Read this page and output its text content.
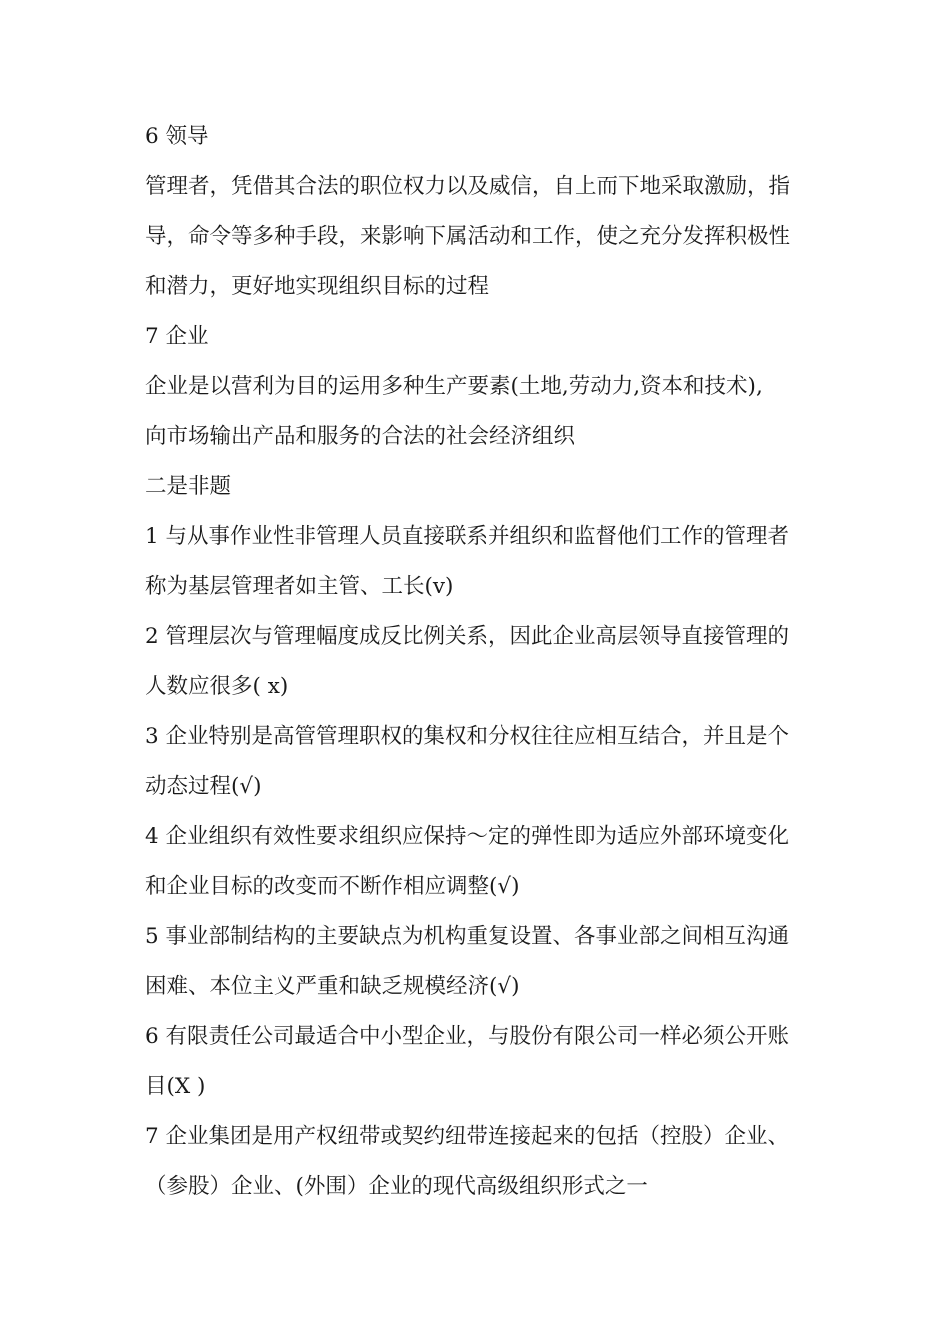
6 领导
管理者，凭借其合法的职位权力以及威信，自上而下地采取激励，指
导，命令等多种手段，来影响下属活动和工作，使之充分发挥积极性
和潜力，更好地实现组织目标的过程
7 企业
企业是以营利为目的运用多种生产要素(土地,劳动力,资本和技术),
向市场输出产品和服务的合法的社会经济组织
二是非题
1 与从事作业性非管理人员直接联系并组织和监督他们工作的管理者
称为基层管理者如主管、工长(v)
2 管理层次与管理幅度成反比例关系，因此企业高层领导直接管理的
人数应很多( x)
3 企业特别是高管管理职权的集权和分权往往应相互结合，并且是个
动态过程(√)
4 企业组织有效性要求组织应保持～定的弹性即为适应外部环境变化
和企业目标的改变而不断作相应调整(√)
5 事业部制结构的主要缺点为机构重复设置、各事业部之间相互沟通
困难、本位主义严重和缺乏规模经济(√)
6 有限责任公司最适合中小型企业，与股份有限公司一样必须公开账
目(X )
7 企业集团是用产权纽带或契约纽带连接起来的包括（控股）企业、
（参股）企业、(外围）企业的现代高级组织形式之一
